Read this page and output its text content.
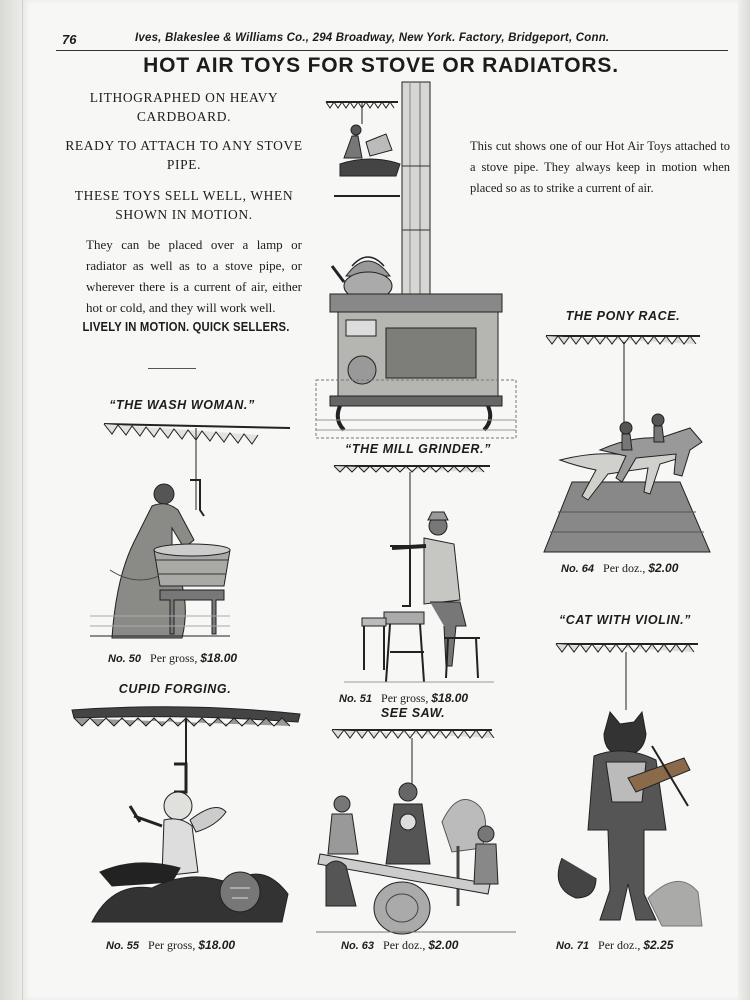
76	Ives, Blakeslee & Williams Co., 294 Broadway, New York. Factory, Bridgeport, Conn.
HOT AIR TOYS FOR STOVE OR RADIATORS.
LITHOGRAPHED ON HEAVY CARDBOARD.
READY TO ATTACH TO ANY STOVE PIPE.
THESE TOYS SELL WELL, WHEN SHOWN IN MOTION.
They can be placed over a lamp or radiator as well as to a stove pipe, or wherever there is a current of air, either hot or cold, and they will work well.
LIVELY IN MOTION. QUICK SELLERS.
This cut shows one of our Hot Air Toys attached to a stove pipe. They always keep in motion when placed so as to strike a current of air.
“THE WASH WOMAN.”
No. 50 Per gross, $18.00
“THE MILL GRINDER.”
No. 51 Per gross, $18.00
THE PONY RACE.
No. 64 Per doz., $2.00
“CAT WITH VIOLIN.”
No. 71 Per doz., $2.25
CUPID FORGING.
No. 55 Per gross, $18.00
SEE SAW.
No. 63 Per doz., $2.00
